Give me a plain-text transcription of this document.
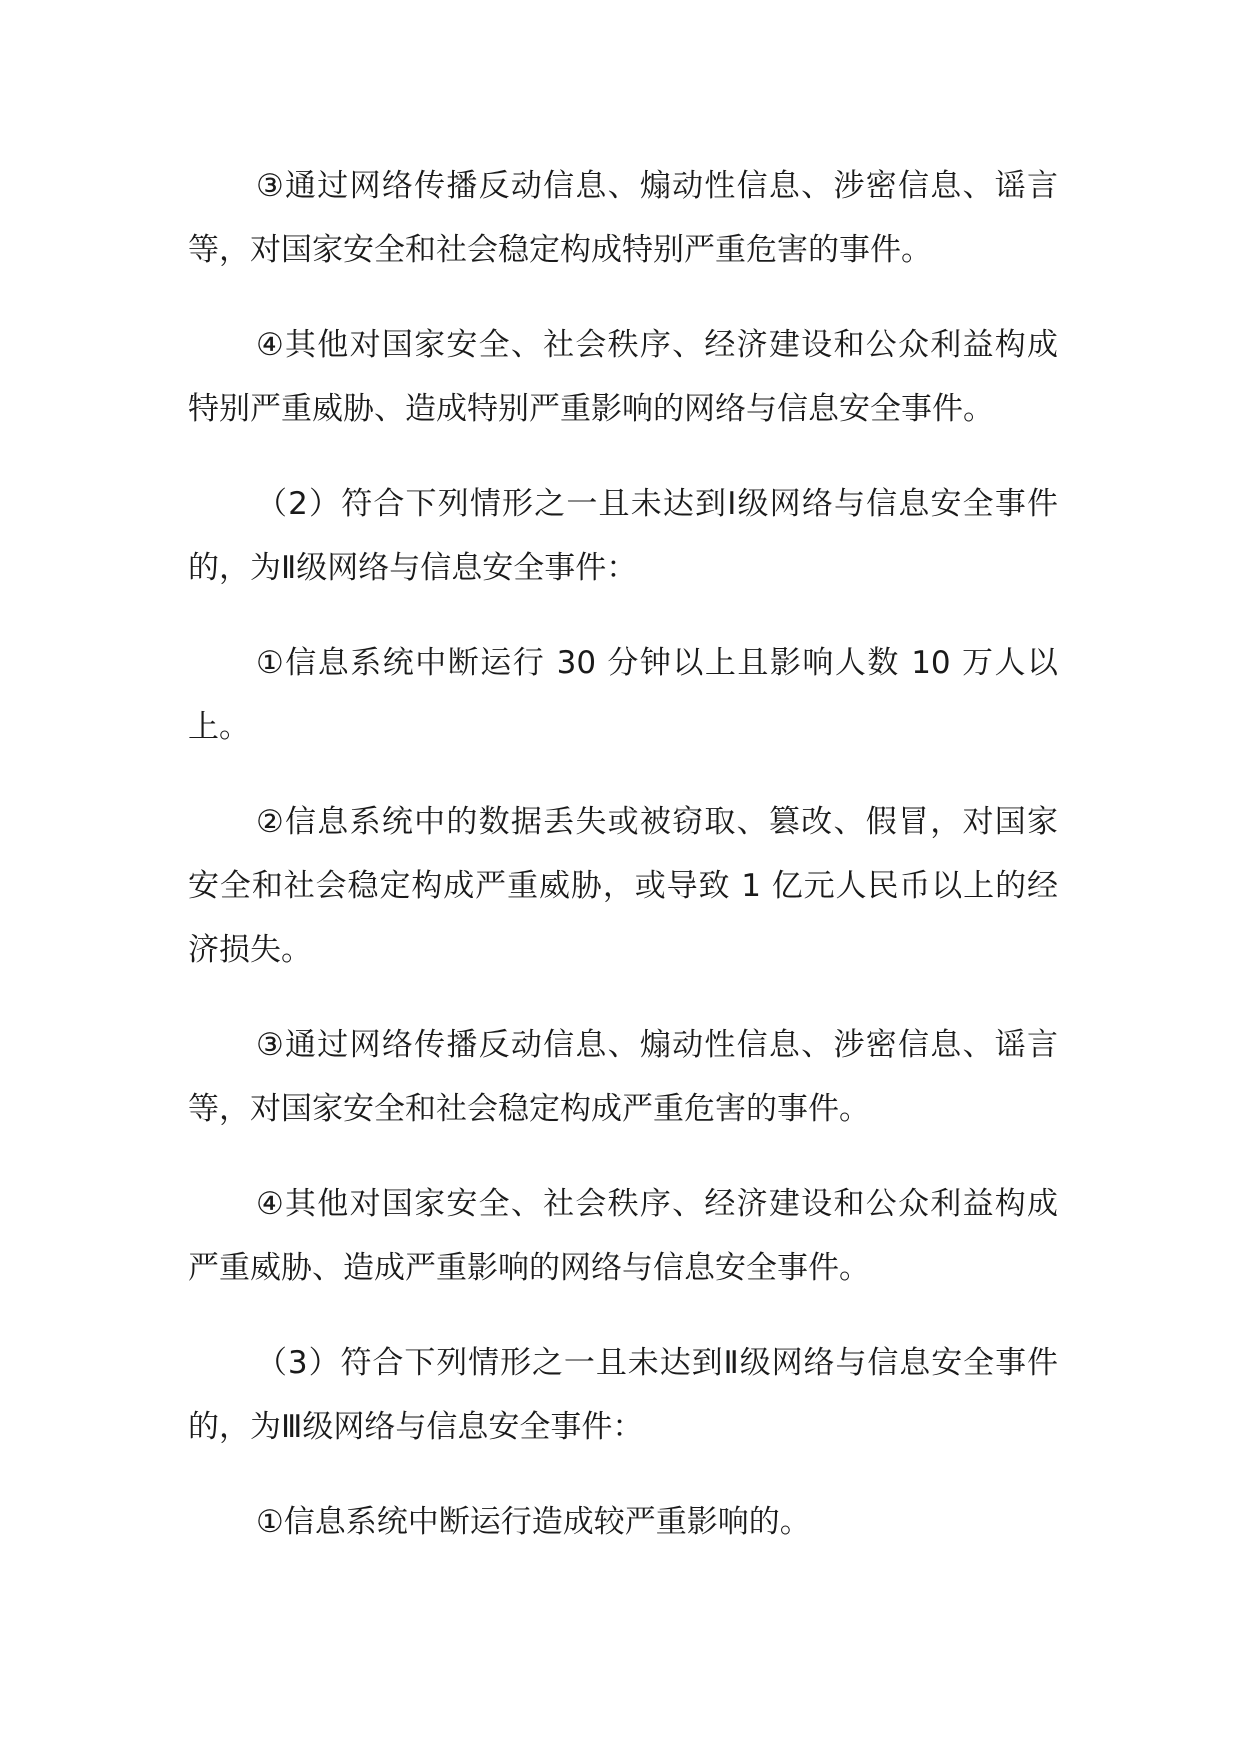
③通过网络传播反动信息、煽动性信息、涉密信息、谣言等，对国家安全和社会稳定构成特别严重危害的事件。

④其他对国家安全、社会秩序、经济建设和公众利益构成特别严重威胁、造成特别严重影响的网络与信息安全事件。

（2）符合下列情形之一且未达到Ⅰ级网络与信息安全事件的，为Ⅱ级网络与信息安全事件：

①信息系统中断运行 30 分钟以上且影响人数 10 万人以上。

②信息系统中的数据丢失或被窃取、篡改、假冒，对国家安全和社会稳定构成严重威胁，或导致 1 亿元人民币以上的经济损失。

③通过网络传播反动信息、煽动性信息、涉密信息、谣言等，对国家安全和社会稳定构成严重危害的事件。

④其他对国家安全、社会秩序、经济建设和公众利益构成严重威胁、造成严重影响的网络与信息安全事件。

（3）符合下列情形之一且未达到Ⅱ级网络与信息安全事件的，为Ⅲ级网络与信息安全事件：

①信息系统中断运行造成较严重影响的。
